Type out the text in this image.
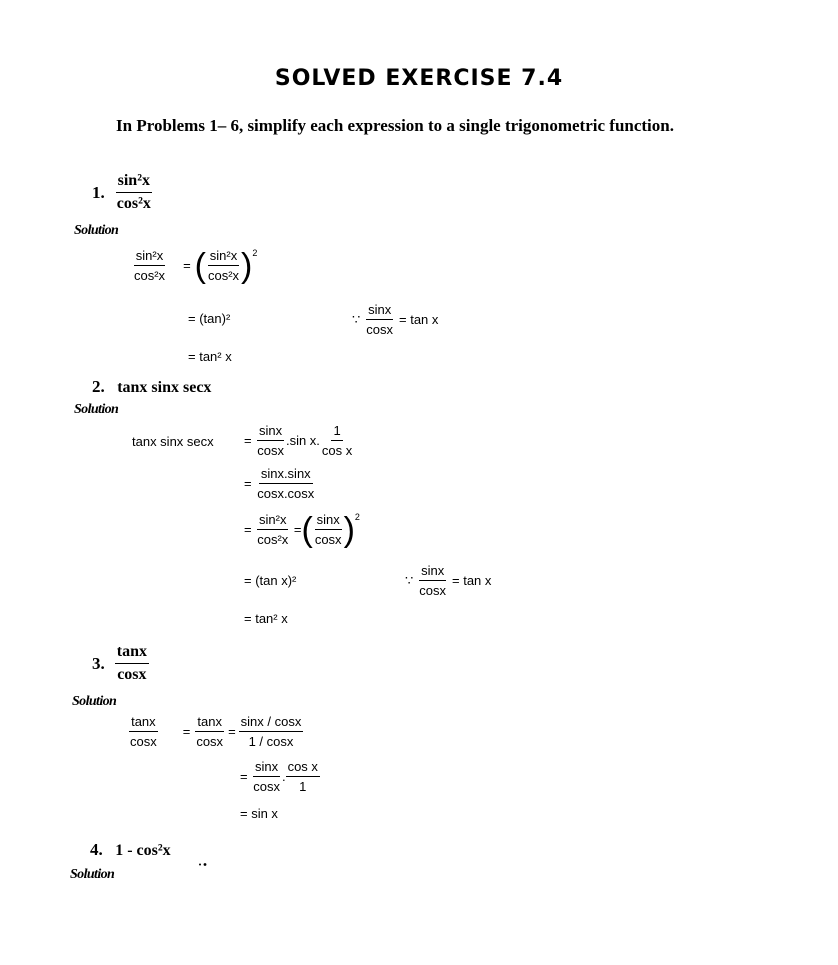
SOLVED EXERCISE 7.4
In Problems 1– 6, simplify each expression to a single trigonometric function.
1. $\frac{\text{sin²x}}{\text{cos²x}}$
Solution
$\frac{\text{sin²x}}{\text{cos²x}}$ = ( $\frac{\text{sin²x}}{\text{cos²x}} )^2$
= (tan)²	∵ $\frac{\sin x}{\cos x} = \tan x$
= tan² x
2. tanx sinx secx
Solution
tanx sinx $\sec x = \frac{\sin x}{\cos x} .\sin$ x. $\frac{1}{\text{cos x}}$
= $\frac{\sin x.\sin x}{\cos x.\cos x}$
= $\frac{\text{sin²x}}{\text{cos²x}}$ = ( $\frac{\sin x}{\cos x} )^2$
= (tan x)²	∵ $\frac{\sin x}{\cos x} = \tan x$
= tan² x
3. $\frac{\tan x}{\cos x}$
Solution
$\frac{\tan x}{\cos x} = \frac{\tan x}{\cos x} = \frac{\sin x / \cos x}{1 / \cos x}$
= $\frac{\sin x}{\cos x}$ . $\frac{\text{cos x}}{1}$
= sin x
4. 1 - cos²x
Solution
